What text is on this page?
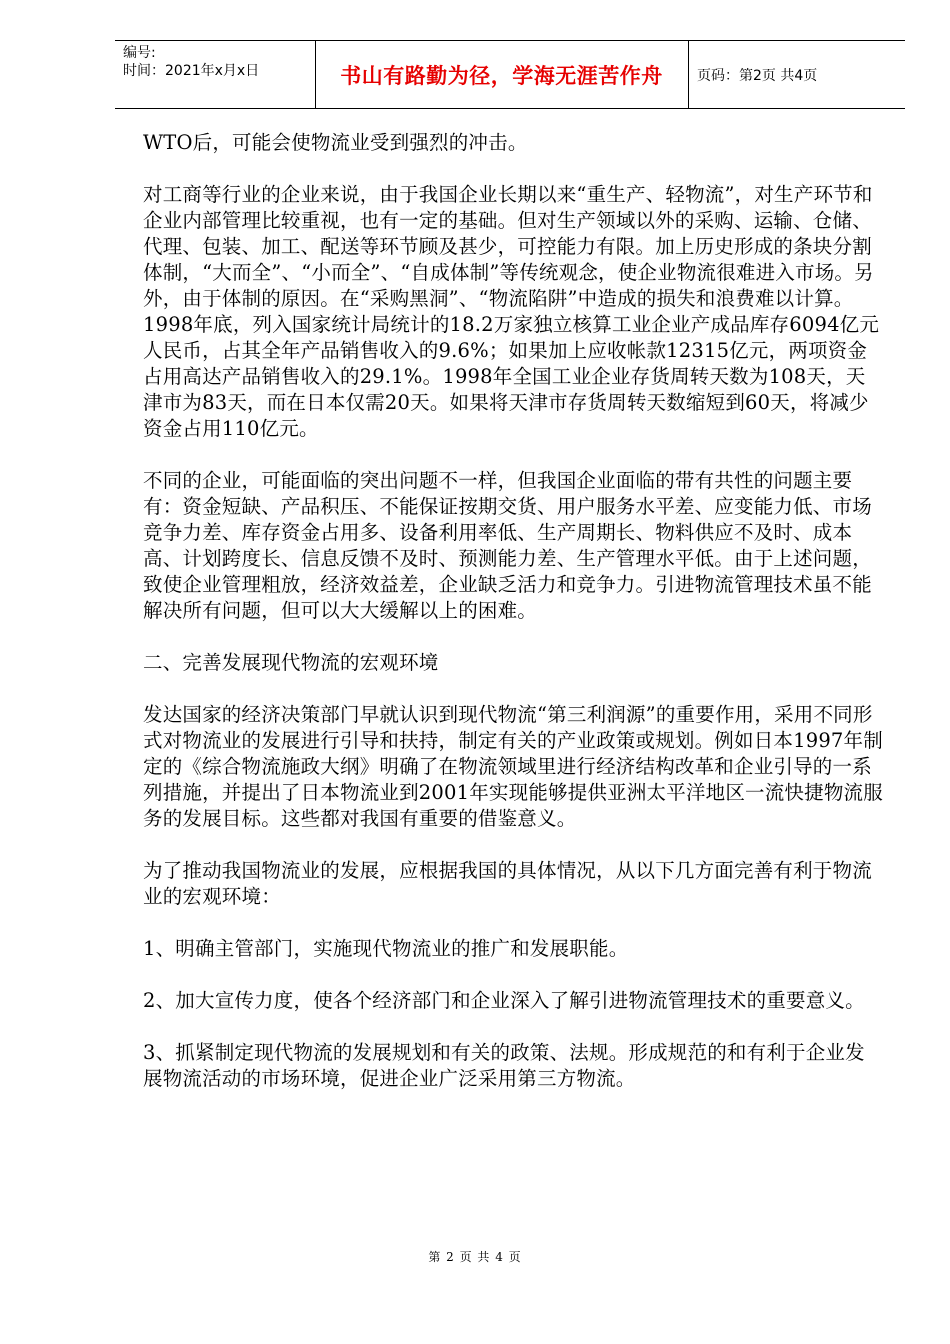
编号:
时间：2021年x月x日	书山有路勤为径，学海无涯苦作舟 页码：第2页 共4页

WTO后，可能会使物流业受到强烈的冲击。

对工商等行业的企业来说，由于我国企业长期以来“重生产、轻物流”，对生产环节和企业内部管理比较重视，也有一定的基础。但对生产领域以外的采购、运输、仓储、代理、包装、加工、配送等环节顾及甚少，可控能力有限。加上历史形成的条块分割体制，“大而全”、“小而全”、“自成体制”等传统观念，使企业物流很难进入市场。另外，由于体制的原因。在“采购黑洞”、“物流陷阱”中造成的损失和浪费难以计算。1998年底，列入国家统计局统计的18.2万家独立核算工业企业产成品库存6094亿元人民币，占其全年产品销售收入的9.6%；如果加上应收帐款12315亿元，两项资金占用高达产品销售收入的29.1%。1998年全国工业企业存货周转天数为108天，天津市为83天，而在日本仅需20天。如果将天津市存货周转天数缩短到60天，将减少资金占用110亿元。

不同的企业，可能面临的突出问题不一样，但我国企业面临的带有共性的问题主要有：资金短缺、产品积压、不能保证按期交货、用户服务水平差、应变能力低、市场竞争力差、库存资金占用多、设备利用率低、生产周期长、物料供应不及时、成本高、计划跨度长、信息反馈不及时、预测能力差、生产管理水平低。由于上述问题，致使企业管理粗放，经济效益差，企业缺乏活力和竞争力。引进物流管理技术虽不能解决所有问题，但可以大大缓解以上的困难。

二、完善发展现代物流的宏观环境

发达国家的经济决策部门早就认识到现代物流“第三利润源”的重要作用，采用不同形式对物流业的发展进行引导和扶持，制定有关的产业政策或规划。例如日本1997年制定的《综合物流施政大纲》明确了在物流领域里进行经济结构改革和企业引导的一系列措施，并提出了日本物流业到2001年实现能够提供亚洲太平洋地区一流快捷物流服务的发展目标。这些都对我国有重要的借鉴意义。

为了推动我国物流业的发展，应根据我国的具体情况，从以下几方面完善有利于物流业的宏观环境：

1、明确主管部门，实施现代物流业的推广和发展职能。

2、加大宣传力度，使各个经济部门和企业深入了解引进物流管理技术的重要意义。

3、抓紧制定现代物流的发展规划和有关的政策、法规。形成规范的和有利于企业发展物流活动的市场环境，促进企业广泛采用第三方物流。

第 2 页 共 4 页
